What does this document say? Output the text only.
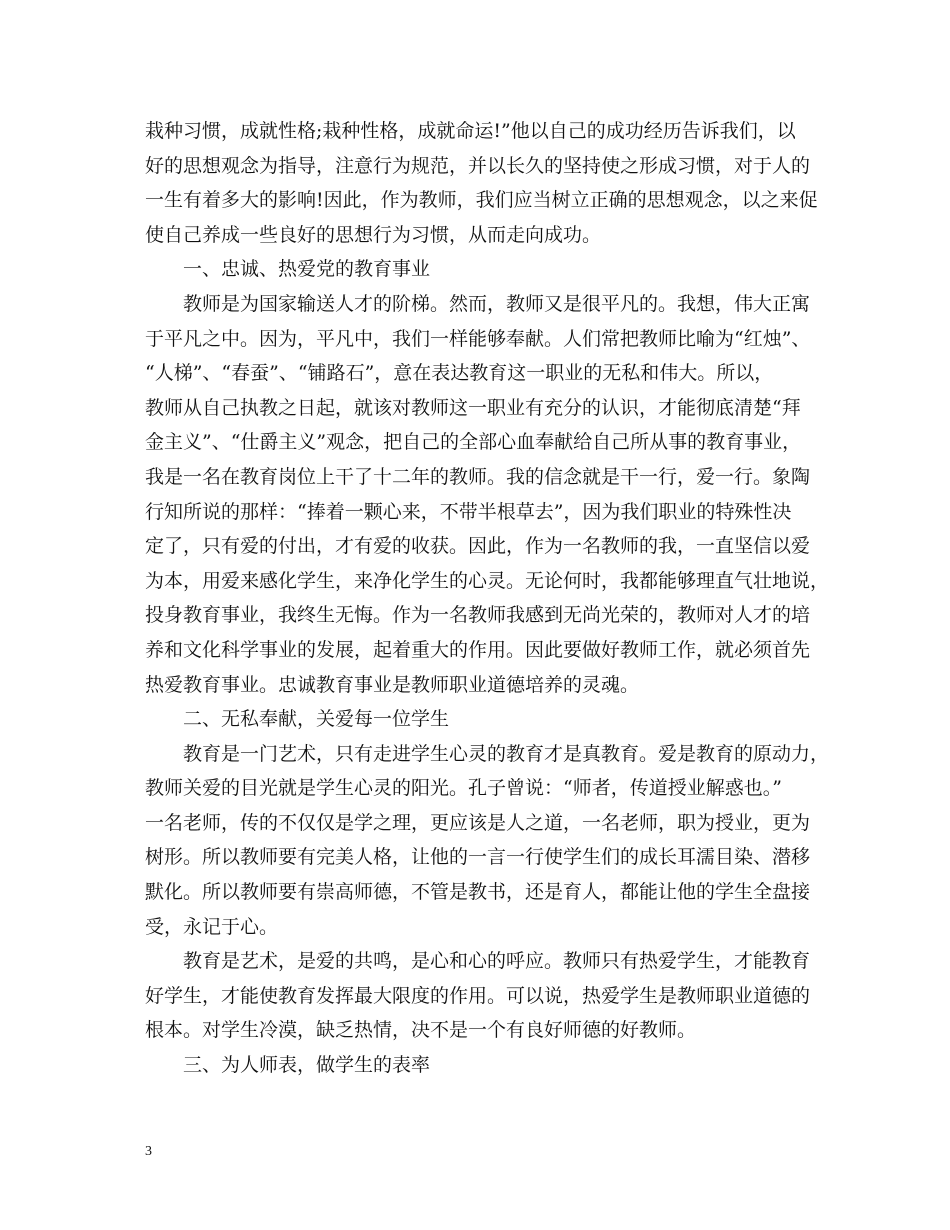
栽种习惯，成就性格;栽种性格，成就命运!”他以自己的成功经历告诉我们，以
好的思想观念为指导，注意行为规范，并以长久的坚持使之形成习惯，对于人的
一生有着多大的影响!因此，作为教师，我们应当树立正确的思想观念，以之来促
使自己养成一些良好的思想行为习惯，从而走向成功。
一、忠诚、热爱党的教育事业
教师是为国家输送人才的阶梯。然而，教师又是很平凡的。我想，伟大正寓
于平凡之中。因为，平凡中，我们一样能够奉献。人们常把教师比喻为“红烛”、
“人梯”、“春蚕”、“铺路石”，意在表达教育这一职业的无私和伟大。所以，
教师从自己执教之日起，就该对教师这一职业有充分的认识，才能彻底清楚“拜
金主义”、“仕爵主义”观念，把自己的全部心血奉献给自己所从事的教育事业，
我是一名在教育岗位上干了十二年的教师。我的信念就是干一行，爱一行。象陶
行知所说的那样：“捧着一颗心来，不带半根草去”，因为我们职业的特殊性决
定了，只有爱的付出，才有爱的收获。因此，作为一名教师的我，一直坚信以爱
为本，用爱来感化学生，来净化学生的心灵。无论何时，我都能够理直气壮地说，
投身教育事业，我终生无悔。作为一名教师我感到无尚光荣的，教师对人才的培
养和文化科学事业的发展，起着重大的作用。因此要做好教师工作，就必须首先
热爱教育事业。忠诚教育事业是教师职业道德培养的灵魂。
二、无私奉献，关爱每一位学生
教育是一门艺术，只有走进学生心灵的教育才是真教育。爱是教育的原动力，
教师关爱的目光就是学生心灵的阳光。孔子曾说：“师者，传道授业解惑也。”
一名老师，传的不仅仅是学之理，更应该是人之道，一名老师，职为授业，更为
树形。所以教师要有完美人格，让他的一言一行使学生们的成长耳濡目染、潜移
默化。所以教师要有崇高师德，不管是教书，还是育人，都能让他的学生全盘接
受，永记于心。
教育是艺术，是爱的共鸣，是心和心的呼应。教师只有热爱学生，才能教育
好学生，才能使教育发挥最大限度的作用。可以说，热爱学生是教师职业道德的
根本。对学生冷漠，缺乏热情，决不是一个有良好师德的好教师。
三、为人师表，做学生的表率
3
